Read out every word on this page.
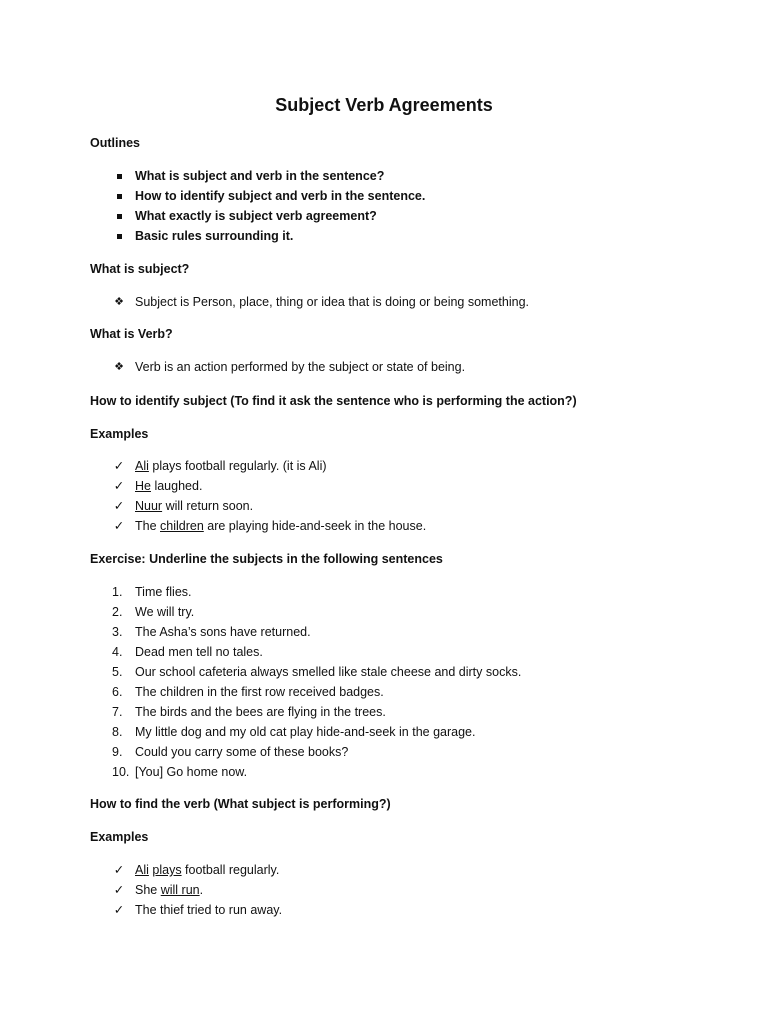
Subject Verb Agreements

Outlines

What is subject and verb in the sentence?
How to identify subject and verb in the sentence.
What exactly is subject verb agreement?
Basic rules surrounding it.

What is subject?

❖ Subject is Person, place, thing or idea that is doing or being something.

What is Verb?

❖ Verb is an action performed by the subject or state of being.

How to identify subject (To find it ask the sentence who is performing the action?)

Examples

✓ Ali plays football regularly. (it is Ali)
✓ He laughed.
✓ Nuur will return soon.
✓ The children are playing hide-and-seek in the house.

Exercise: Underline the subjects in the following sentences

1.	Time flies.
2.	We will try.
3.	The Asha’s sons have returned.
4.	Dead men tell no tales.
5.	Our school cafeteria always smelled like stale cheese and dirty socks.
6.	The children in the first row received badges.
7.	The birds and the bees are flying in the trees.
8.	My little dog and my old cat play hide-and-seek in the garage.
9.	Could you carry some of these books?
10. [You] Go home now.

How to find the verb (What subject is performing?)

Examples

✓ Ali plays football regularly.
✓ She will run.
✓ The thief tried to run away.
